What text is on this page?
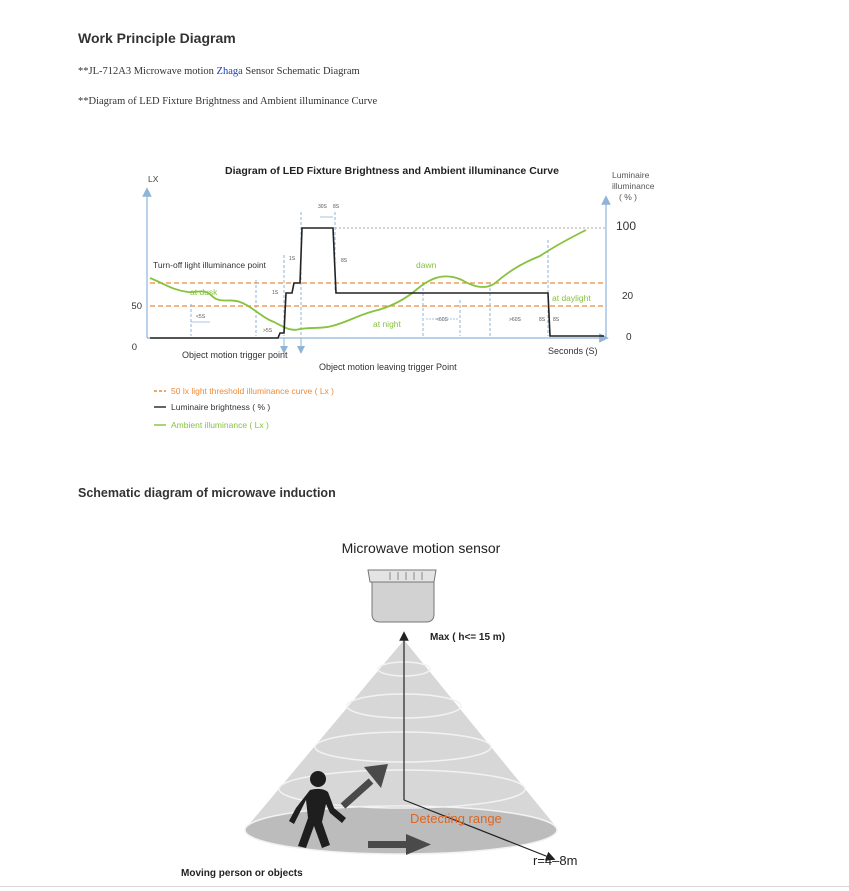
Work Principle Diagram
**JL-712A3 Microwave motion Zhaga Sensor Schematic Diagram
**Diagram of LED Fixture Brightness and Ambient illuminance Curve
Diagram of LED Fixture Brightness and Ambient illuminance Curve
LX
50
0
Luminaire
illuminance
( % )
100
20
0
Turn-off light illuminance point
at dusk
dawn
at night
at daylight
30S 8S
1S	8S
1S
<5S
>5S
<60S	>60S	8S 8S
Object motion trigger point
Object motion leaving trigger Point
Seconds (S)
50 lx light threshold illuminance curve ( Lx )
Luminaire brightness ( % )
Ambient illuminance ( Lx )
Schematic diagram of microwave induction
Microwave motion sensor
Max ( h<= 15 m)
Detecting range
r=4–8m
Moving person or objects
